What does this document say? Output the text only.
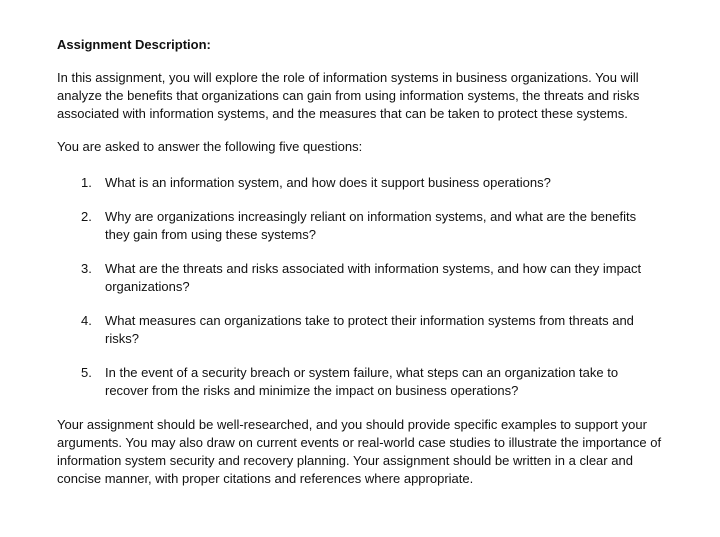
Assignment Description:

In this assignment, you will explore the role of information systems in business organizations. You will analyze the benefits that organizations can gain from using information systems, the threats and risks associated with information systems, and the measures that can be taken to protect these systems.

You are asked to answer the following five questions:

1.	What is an information system, and how does it support business operations?
2.	Why are organizations increasingly reliant on information systems, and what are the benefits they gain from using these systems?
3.	What are the threats and risks associated with information systems, and how can they impact organizations?
4.	What measures can organizations take to protect their information systems from threats and risks?
5.	In the event of a security breach or system failure, what steps can an organization take to recover from the risks and minimize the impact on business operations?

Your assignment should be well-researched, and you should provide specific examples to support your arguments. You may also draw on current events or real-world case studies to illustrate the importance of information system security and recovery planning. Your assignment should be written in a clear and concise manner, with proper citations and references where appropriate.
